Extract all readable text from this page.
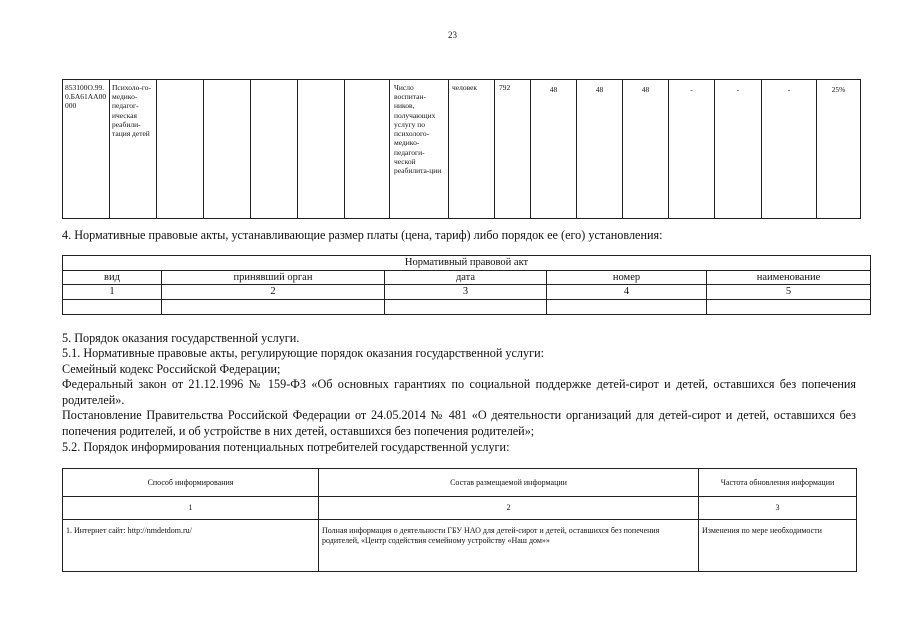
23
853100О.99.0.БА61АА00000	Психоло-го-медико-педагог-ическая реабили-тация детей						Число воспитан-ников, получающих услугу по психолого-медико-педагоги-ческой реабилита-ции	человек	792	48	48	48	-	-	-	25%

4. Нормативные правовые акты, устанавливающие размер платы (цена, тариф) либо порядок ее (его) установления:

Нормативный правовой акт				
вид	принявший орган	дата	номер	наименование
1	2	3	4	5

5. Порядок оказания государственной услуги.

5.1. Нормативные правовые акты, регулирующие порядок оказания государственной услуги:

Семейный кодекс Российской Федерации;

Федеральный закон от 21.12.1996 № 159-ФЗ «Об основных гарантиях по социальной поддержке детей-сирот и детей, оставшихся без попечения родителей».

Постановление Правительства Российской Федерации от 24.05.2014 № 481 «О деятельности организаций для детей-сирот и детей, оставшихся без попечения родителей, и об устройстве в них детей, оставшихся без попечения родителей»;

5.2. Порядок информирования потенциальных потребителей государственной услуги:

Способ информирования	Состав размещаемой информации	Частота обновления информации
1	2	3
1. Интернет сайт: http://nmdetdom.ru/	Полная информация о деятельности ГБУ НАО для детей-сирот и детей, оставшихся без попечения родителей, «Центр содействия семейному устройству «Наш дом»»	Изменения по мере необходимости
